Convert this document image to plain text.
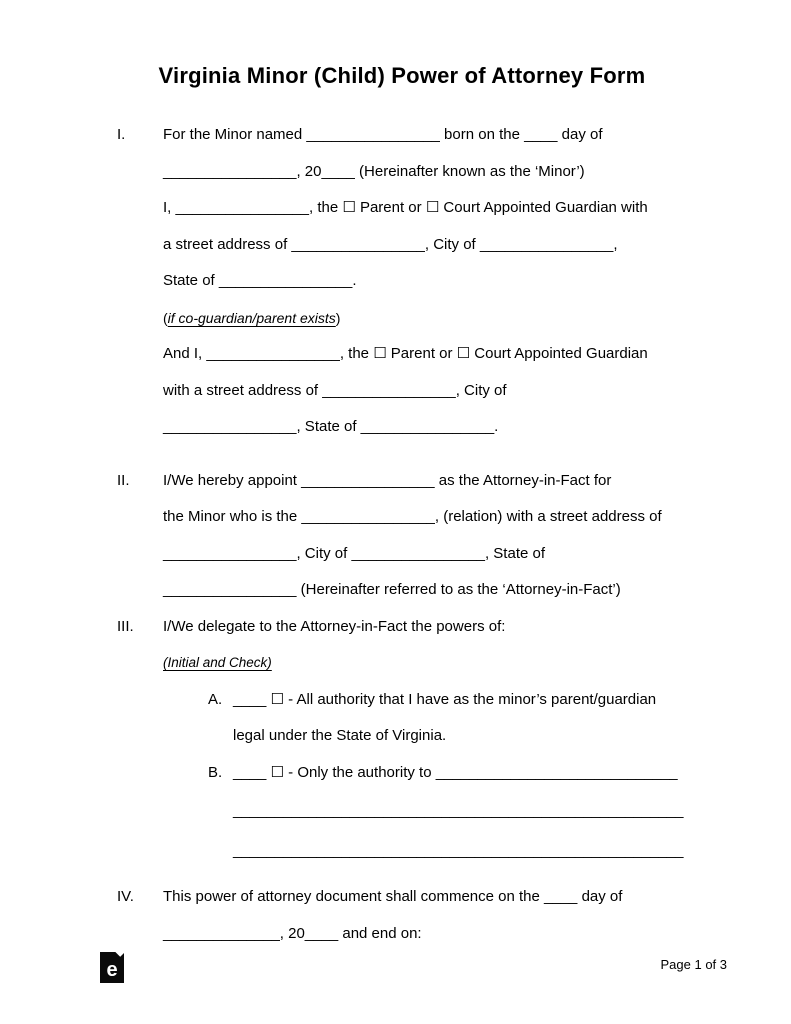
Virginia Minor (Child) Power of Attorney Form
I.	For the Minor named ________________ born on the ____ day of
________________, 20____ (Hereinafter known as the ‘Minor’)
I, ________________, the ☐ Parent or ☐ Court Appointed Guardian with
a street address of ________________, City of ________________,
State of ________________.
(if co-guardian/parent exists)
And I, ________________, the ☐ Parent or ☐ Court Appointed Guardian
with a street address of ________________, City of
________________, State of ________________.
II.	I/We hereby appoint ________________ as the Attorney-in-Fact for
the Minor who is the ________________, (relation) with a street address of
________________, City of ________________, State of
________________ (Hereinafter referred to as the ‘Attorney-in-Fact’)
III.	I/We delegate to the Attorney-in-Fact the powers of:
(Initial and Check)
A. ____ ☐ - All authority that I have as the minor’s parent/guardian
legal under the State of Virginia.
B. ____ ☐ - Only the authority to _____________________________
______________________________________________________
______________________________________________________
IV.	This power of attorney document shall commence on the ____ day of
______________, 20____ and end on:
e	Page 1 of 3
